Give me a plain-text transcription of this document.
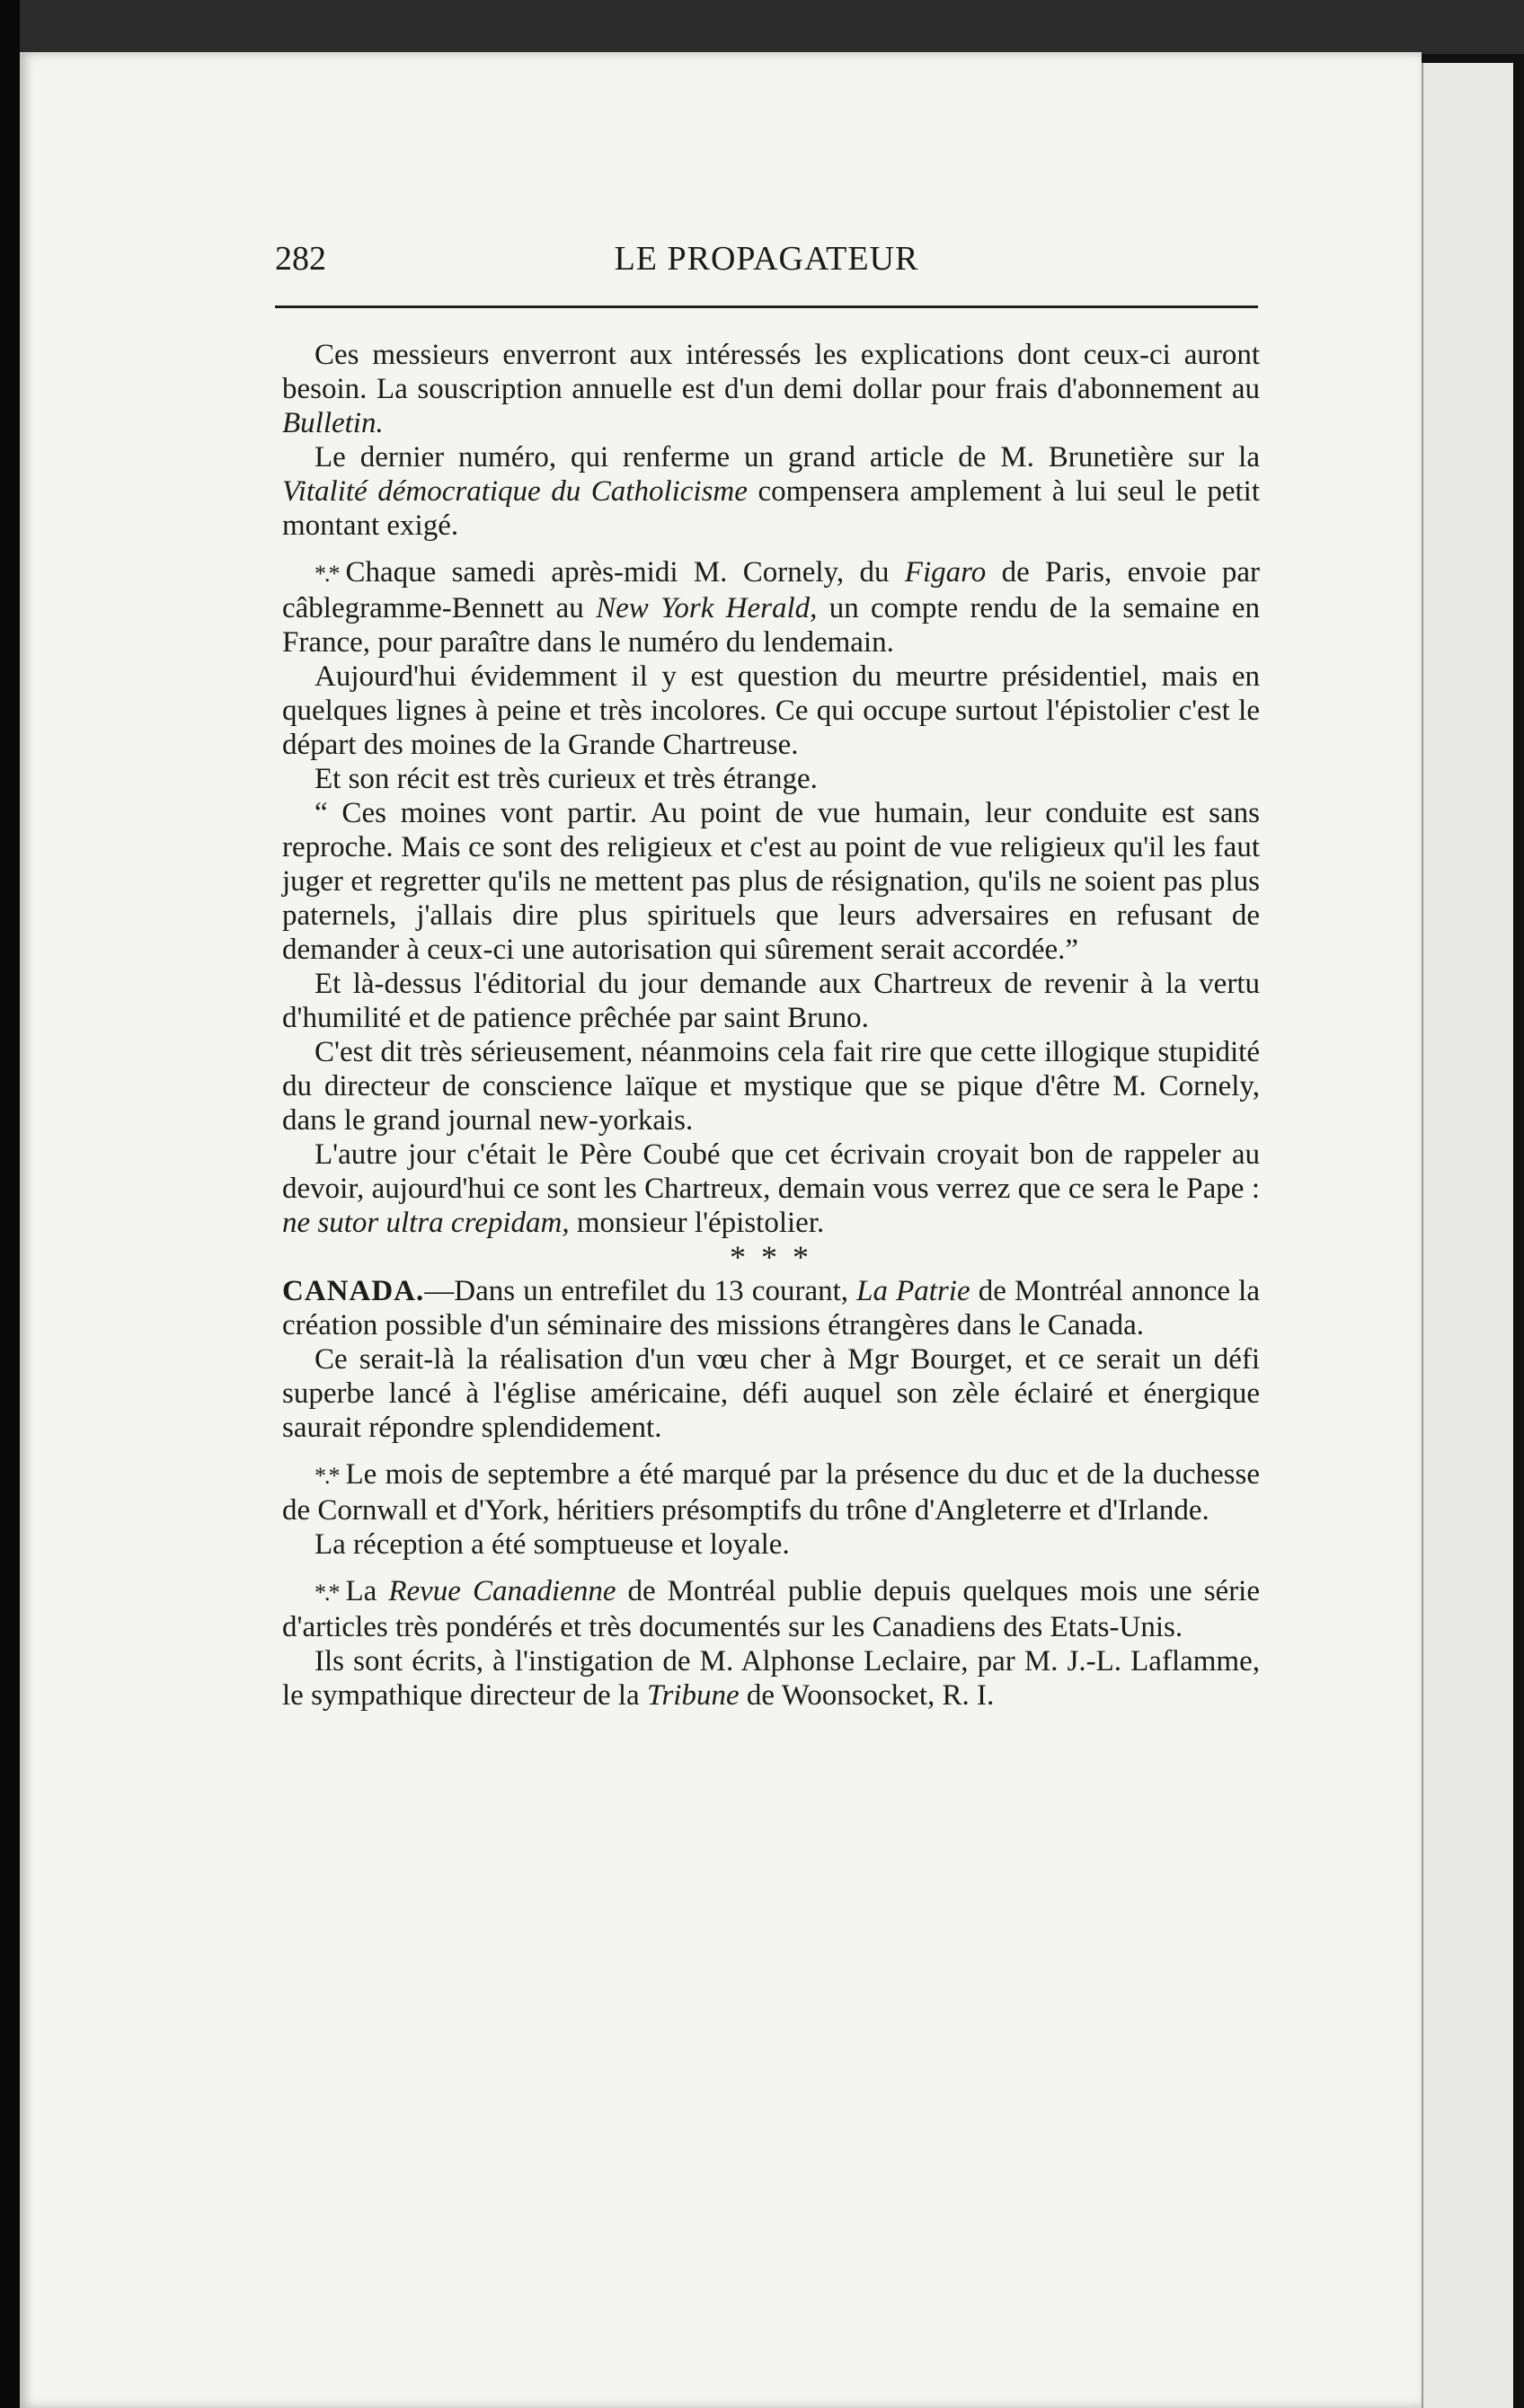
282	LE PROPAGATEUR

Ces messieurs enverront aux intéressés les explications dont ceux-ci auront besoin. La souscription annuelle est d'un demi dollar pour frais d'abonnement au Bulletin.

Le dernier numéro, qui renferme un grand article de M. Brunetière sur la Vitalité démocratique du Catholicisme compensera amplement à lui seul le petit montant exigé.

*.* Chaque samedi après-midi M. Cornely, du Figaro de Paris, envoie par câblegramme-Bennett au New York Herald, un compte rendu de la semaine en France, pour paraître dans le numéro du lendemain.

Aujourd'hui évidemment il y est question du meurtre présidentiel, mais en quelques lignes à peine et très incolores. Ce qui occupe surtout l'épistolier c'est le départ des moines de la Grande Chartreuse.

Et son récit est très curieux et très étrange.

“ Ces moines vont partir. Au point de vue humain, leur conduite est sans reproche. Mais ce sont des religieux et c'est au point de vue religieux qu'il les faut juger et regretter qu'ils ne mettent pas plus de résignation, qu'ils ne soient pas plus paternels, j'allais dire plus spirituels que leurs adversaires en refusant de demander à ceux-ci une autorisation qui sûrement serait accordée.”

Et là-dessus l'éditorial du jour demande aux Chartreux de revenir à la vertu d'humilité et de patience prêchée par saint Bruno.

C'est dit très sérieusement, néanmoins cela fait rire que cette illogique stupidité du directeur de conscience laïque et mystique que se pique d'être M. Cornely, dans le grand journal new-yorkais.

L'autre jour c'était le Père Coubé que cet écrivain croyait bon de rappeler au devoir, aujourd'hui ce sont les Chartreux, demain vous verrez que ce sera le Pape : ne sutor ultra crepidam, monsieur l'épistolier.

* * *

CANADA.—Dans un entrefilet du 13 courant, La Patrie de Montréal annonce la création possible d'un séminaire des missions étrangères dans le Canada.

Ce serait-là la réalisation d'un vœu cher à Mgr Bourget, et ce serait un défi superbe lancé à l'église américaine, défi auquel son zèle éclairé et énergique saurait répondre splendidement.

*.* Le mois de septembre a été marqué par la présence du duc et de la duchesse de Cornwall et d'York, héritiers présomptifs du trône d'Angleterre et d'Irlande.

La réception a été somptueuse et loyale.

*.* La Revue Canadienne de Montréal publie depuis quelques mois une série d'articles très pondérés et très documentés sur les Canadiens des Etats-Unis.

Ils sont écrits, à l'instigation de M. Alphonse Leclaire, par M. J.-L. Laflamme, le sympathique directeur de la Tribune de Woonsocket, R. I.
